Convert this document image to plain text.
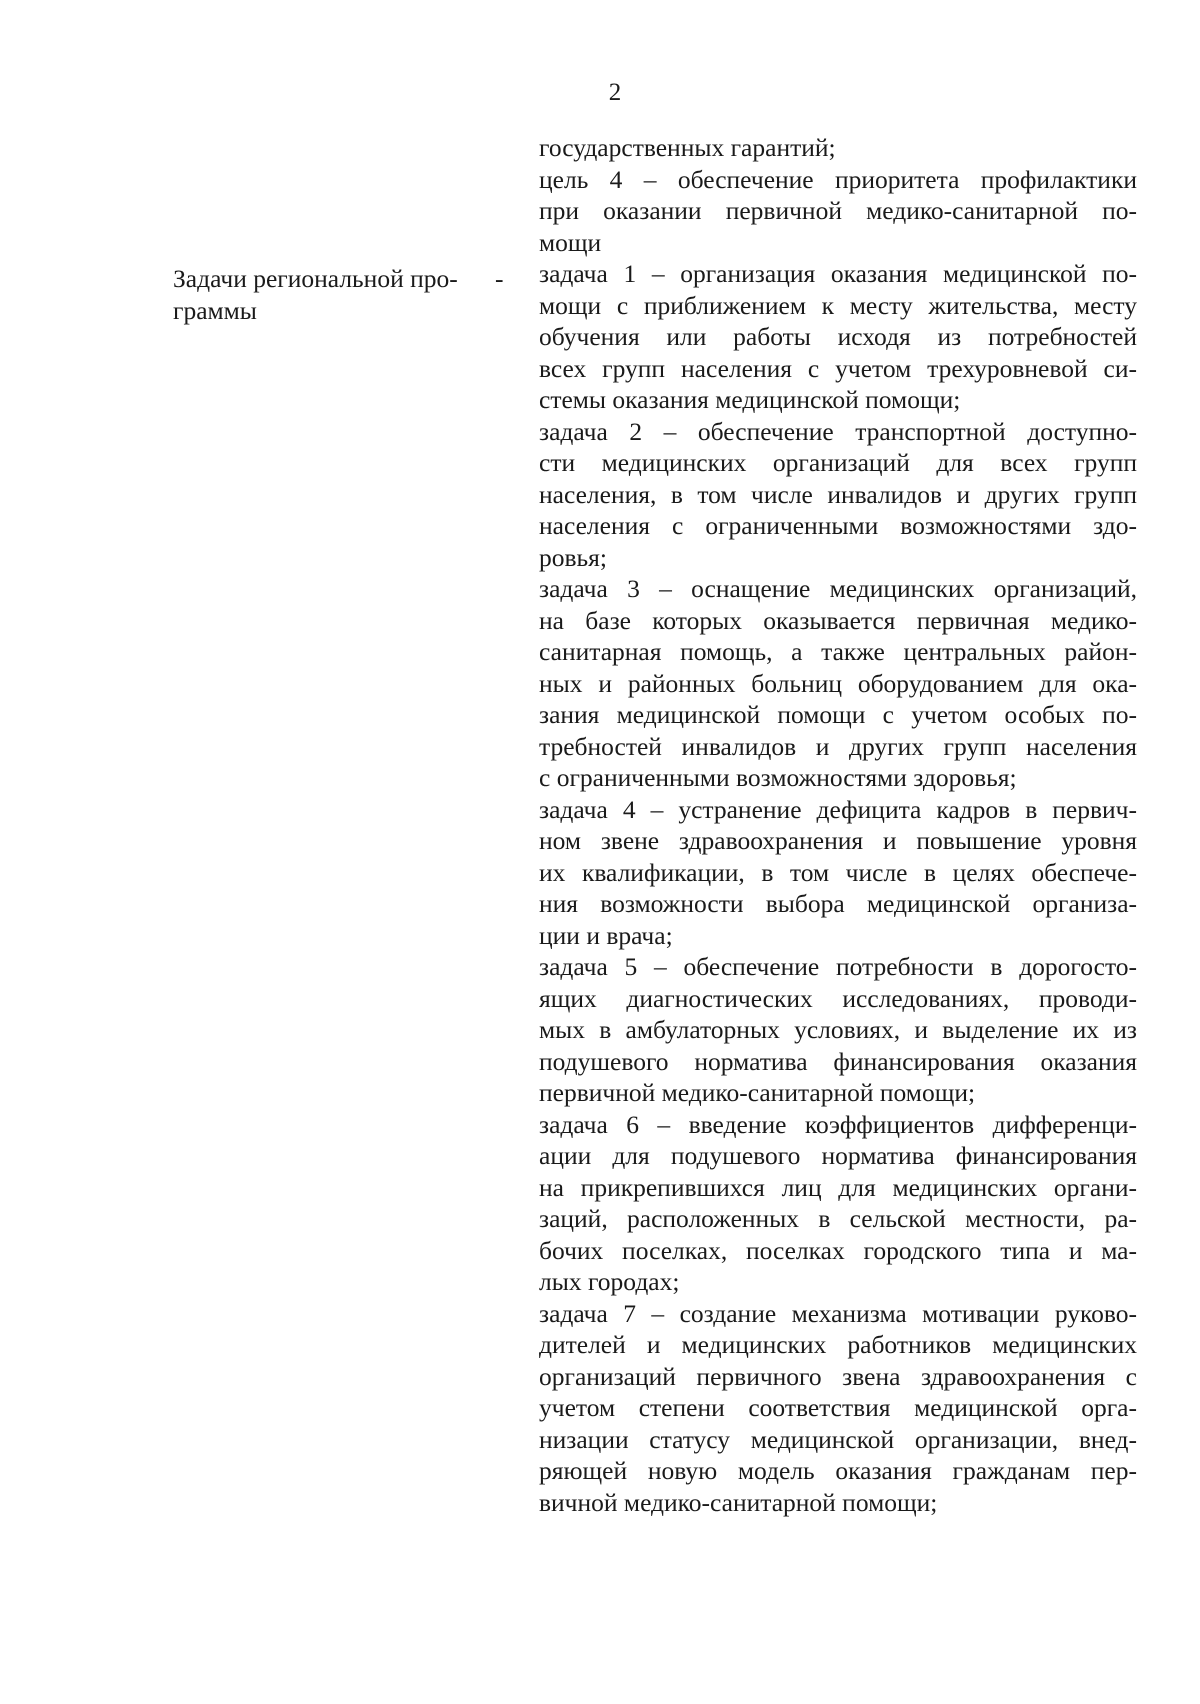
2
Задачи региональной про-
граммы
-
государственных гарантий;
цель 4 – обеспечение приоритета профилактики
при оказании первичной медико-санитарной по-
мощи
задача 1 – организация оказания медицинской по-
мощи с приближением к месту жительства, месту
обучения или работы исходя из потребностей
всех групп населения с учетом трехуровневой си-
стемы оказания медицинской помощи;
задача 2 – обеспечение транспортной доступно-
сти медицинских организаций для всех групп
населения, в том числе инвалидов и других групп
населения с ограниченными возможностями здо-
ровья;
задача 3 – оснащение медицинских организаций,
на базе которых оказывается первичная медико-
санитарная помощь, а также центральных район-
ных и районных больниц оборудованием для ока-
зания медицинской помощи с учетом особых по-
требностей инвалидов и других групп населения
с ограниченными возможностями здоровья;
задача 4 – устранение дефицита кадров в первич-
ном звене здравоохранения и повышение уровня
их квалификации, в том числе в целях обеспече-
ния возможности выбора медицинской организа-
ции и врача;
задача 5 – обеспечение потребности в дорогосто-
ящих диагностических исследованиях, проводи-
мых в амбулаторных условиях, и выделение их из
подушевого норматива финансирования оказания
первичной медико-санитарной помощи;
задача 6 – введение коэффициентов дифференци-
ации для подушевого норматива финансирования
на прикрепившихся лиц для медицинских органи-
заций, расположенных в сельской местности, ра-
бочих поселках, поселках городского типа и ма-
лых городах;
задача 7 – создание механизма мотивации руково-
дителей и медицинских работников медицинских
организаций первичного звена здравоохранения с
учетом степени соответствия медицинской орга-
низации статусу медицинской организации, внед-
ряющей новую модель оказания гражданам пер-
вичной медико-санитарной помощи;
